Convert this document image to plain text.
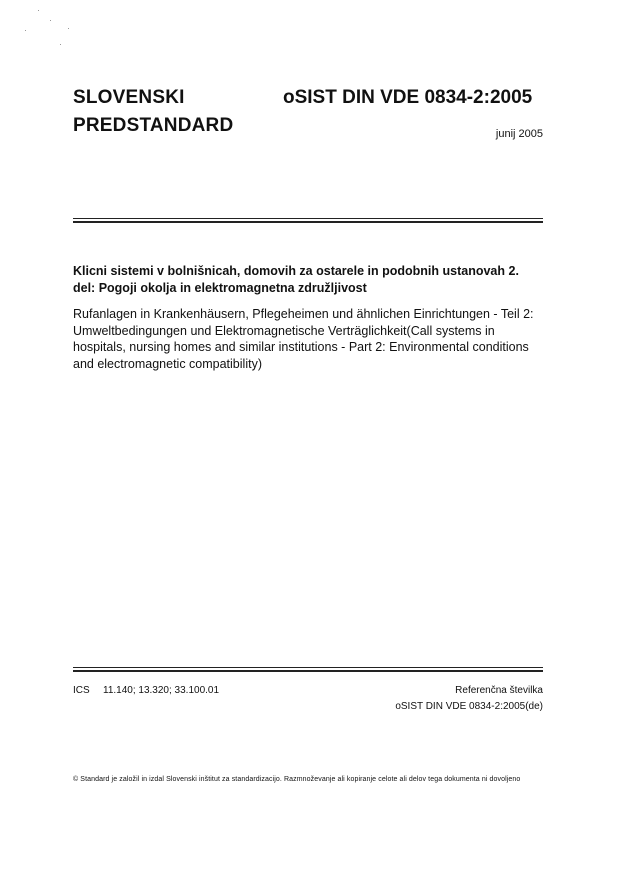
SLOVENSKI
PREDSTANDARD
oSIST DIN VDE 0834-2:2005
junij 2005
Klicni sistemi v bolnišnicah, domovih za ostarele in podobnih ustanovah 2. del: Pogoji okolja in elektromagnetna združljivost
Rufanlagen in Krankenhäusern, Pflegeheimen und ähnlichen Einrichtungen - Teil 2: Umweltbedingungen und Elektromagnetische Verträglichkeit(Call systems in hospitals, nursing homes and similar institutions - Part 2: Environmental conditions and electromagnetic compatibility)
ICS 11.140; 13.320; 33.100.01	Referenčna številka
oSIST DIN VDE 0834-2:2005(de)
© Standard je založil in izdal Slovenski inštitut za standardizacijo. Razmnoževanje ali kopiranje celote ali delov tega dokumenta ni dovoljeno
